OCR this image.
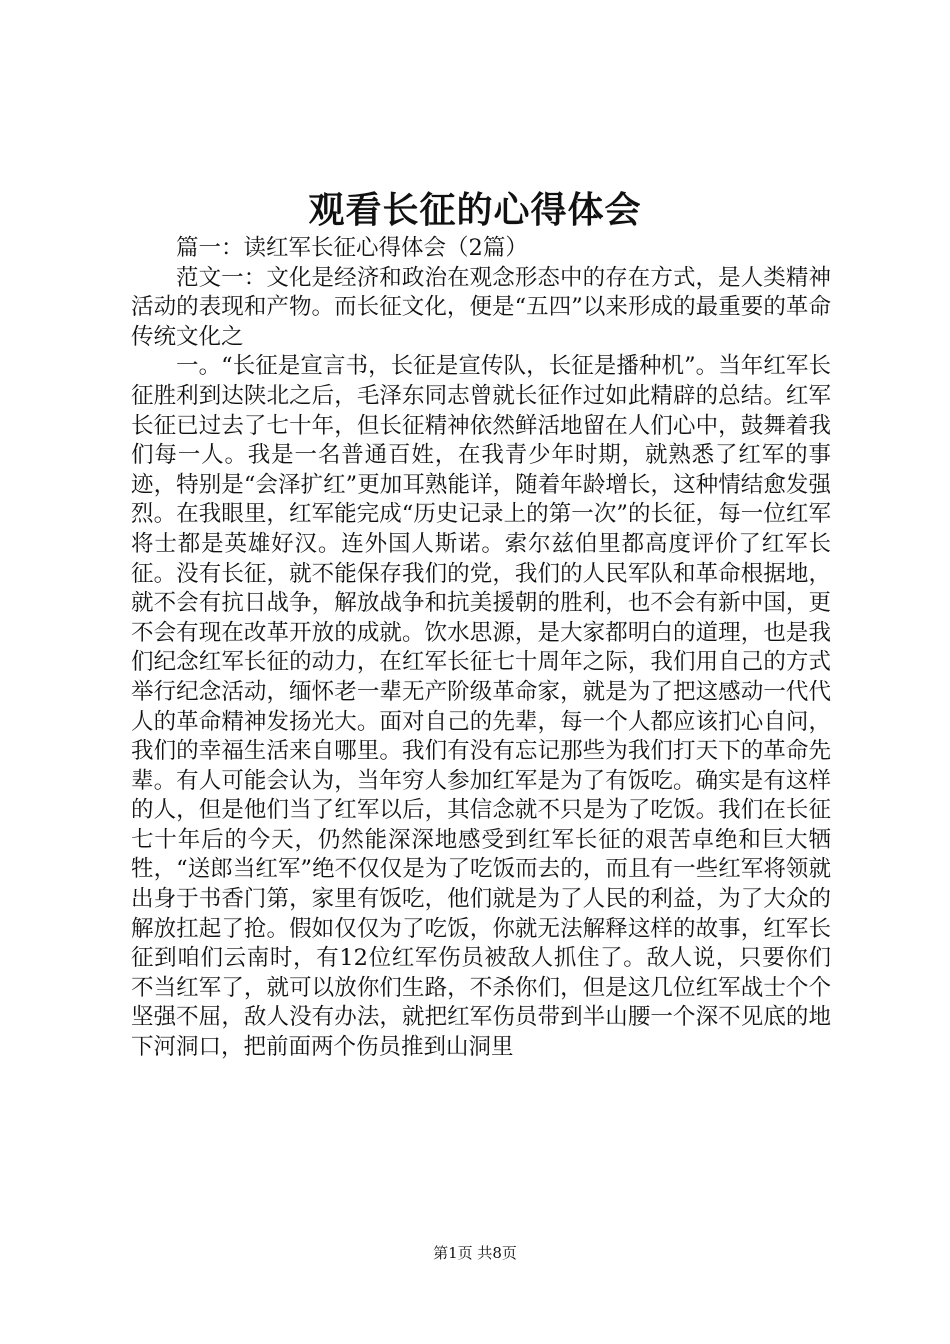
观看长征的心得体会

篇一：读红军长征心得体会（2篇）

范文一：文化是经济和政治在观念形态中的存在方式，是人类精神活动的表现和产物。而长征文化，便是“五四”以来形成的最重要的革命传统文化之

一。“长征是宣言书，长征是宣传队，长征是播种机”。当年红军长征胜利到达陕北之后，毛泽东同志曾就长征作过如此精辟的总结。红军长征已过去了七十年，但长征精神依然鲜活地留在人们心中，鼓舞着我们每一人。我是一名普通百姓，在我青少年时期，就熟悉了红军的事迹，特别是“会泽扩红”更加耳熟能详，随着年龄增长，这种情结愈发强烈。在我眼里，红军能完成“历史记录上的第一次”的长征，每一位红军将士都是英雄好汉。连外国人斯诺。索尔兹伯里都高度评价了红军长征。没有长征，就不能保存我们的党，我们的人民军队和革命根据地，就不会有抗日战争，解放战争和抗美援朝的胜利，也不会有新中国，更不会有现在改革开放的成就。饮水思源，是大家都明白的道理，也是我们纪念红军长征的动力，在红军长征七十周年之际，我们用自己的方式举行纪念活动，缅怀老一辈无产阶级革命家，就是为了把这感动一代代人的革命精神发扬光大。面对自己的先辈，每一个人都应该扪心自问，我们的幸福生活来自哪里。我们有没有忘记那些为我们打天下的革命先辈。有人可能会认为，当年穷人参加红军是为了有饭吃。确实是有这样的人，但是他们当了红军以后，其信念就不只是为了吃饭。我们在长征七十年后的今天，仍然能深深地感受到红军长征的艰苦卓绝和巨大牺牲，“送郎当红军”绝不仅仅是为了吃饭而去的，而且有一些红军将领就出身于书香门第，家里有饭吃，他们就是为了人民的利益，为了大众的解放扛起了抢。假如仅仅为了吃饭，你就无法解释这样的故事，红军长征到咱们云南时，有12位红军伤员被敌人抓住了。敌人说，只要你们不当红军了，就可以放你们生路，不杀你们，但是这几位红军战士个个坚强不屈，敌人没有办法，就把红军伤员带到半山腰一个深不见底的地下河洞口，把前面两个伤员推到山洞里

第1页 共8页
